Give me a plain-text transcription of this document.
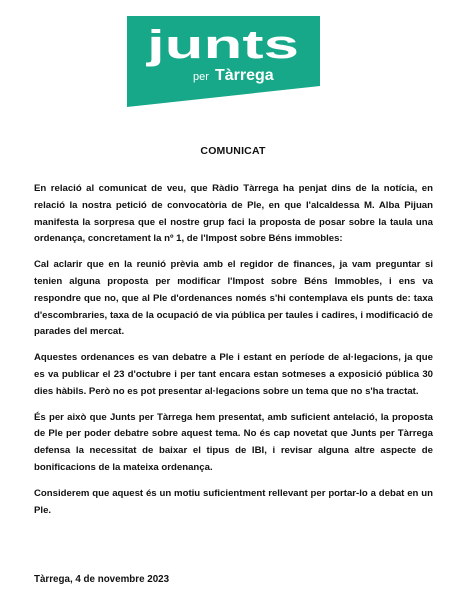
junts
per Tàrrega
COMUNICAT

En relació al comunicat de veu, que Ràdio Tàrrega ha penjat dins de la notícia, en relació la nostra petició de convocatòria de Ple, en que l'alcaldessa M. Alba Pijuan manifesta la sorpresa que el nostre grup faci la proposta de posar sobre la taula una ordenança, concretament la nº 1, de l'Impost sobre Béns immobles:

Cal aclarir que en la reunió prèvia amb el regidor de finances, ja vam preguntar si tenien alguna proposta per modificar l'Impost sobre Béns Immobles, i ens va respondre que no, que al Ple d'ordenances només s'hi contemplava els punts de: taxa d'escombraries, taxa de la ocupació de via pública per taules i cadires, i modificació de parades del mercat.

Aquestes ordenances es van debatre a Ple i estant en període de al·legacions, ja que es va publicar el 23 d'octubre i per tant encara estan sotmeses a exposició pública 30 dies hàbils. Però no es pot presentar al·legacions sobre un tema que no s'ha tractat.

És per això que Junts per Tàrrega hem presentat, amb suficient antelació, la proposta de Ple per poder debatre sobre aquest tema. No és cap novetat que Junts per Tàrrega defensa la necessitat de baixar el tipus de IBI, i revisar alguna altre aspecte de bonificacions de la mateixa ordenança.

Considerem que aquest és un motiu suficientment rellevant per portar-lo a debat en un Ple.

Tàrrega, 4 de novembre 2023
